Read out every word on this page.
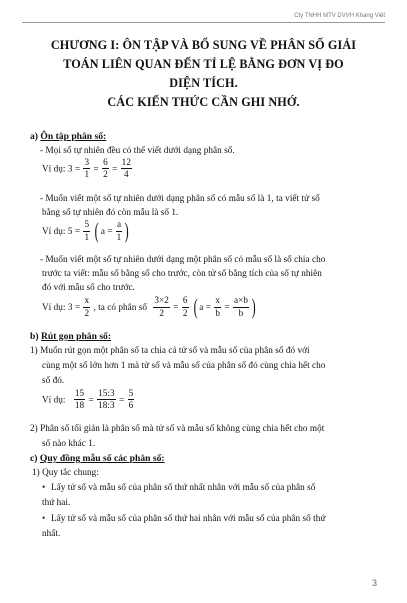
Cty TNHH MTV DVVH Khang Việt
CHƯƠNG I: ÔN TẬP VÀ BỔ SUNG VỀ PHÂN SỐ GIẢI
TOÁN LIÊN QUAN ĐẾN TỈ LỆ BẰNG ĐƠN VỊ ĐO
DIỆN TÍCH.
CÁC KIẾN THỨC CẦN GHI NHỚ.
a) Ôn tập phân số:
- Mọi số tự nhiên đều có thể viết dưới dạng phân số.
Ví dụ: $3 = \frac{3}{1} = \frac{6}{2} = \frac{12}{4}$
- Muốn viết một số tự nhiên dưới dạng phân số có mẫu số là 1, ta viết tử số
bằng số tự nhiên đó còn mẫu là số 1.
Ví dụ: $5 = \frac{5}{1}$ ( $a = \frac{a}{1}$ )
- Muốn viết một số tự nhiên dưới dạng một phân số có mẫu số là số chia cho
trước ta viết: mẫu số bằng số cho trước, còn tử số bằng tích của số tự nhiên
đó với mẫu số cho trước.
Ví dụ: $3 = \frac{x}{2}$ , ta có phân số $\frac{3\times 2}{2} = \frac{6}{2}$ ( $a = \frac{x}{b} = \frac{a\times b}{b}$ )
b) Rút gọn phân số:
1) Muốn rút gọn một phân số ta chia cả tử số và mẫu số của phân số đó với
cùng một số lớn hơn 1 mà tử số và mẫu số của phân số đó cùng chia hết cho
số đó.
Ví dụ: $\frac{15}{18} = \frac{15:3}{18:3} = \frac{5}{6}$
2) Phân số tối giản là phân số mà tử số và mẫu số không cùng chia hết cho một
số nào khác 1.
c) Quy đồng mẫu số các phân số:
1) Quy tắc chung:
• Lấy tử số và mẫu số của phân số thứ nhất nhân với mẫu số của phân số
thứ hai.
• Lấy tử số và mẫu số của phân số thứ hai nhân với mẫu số của phân số thứ
nhất.
3
